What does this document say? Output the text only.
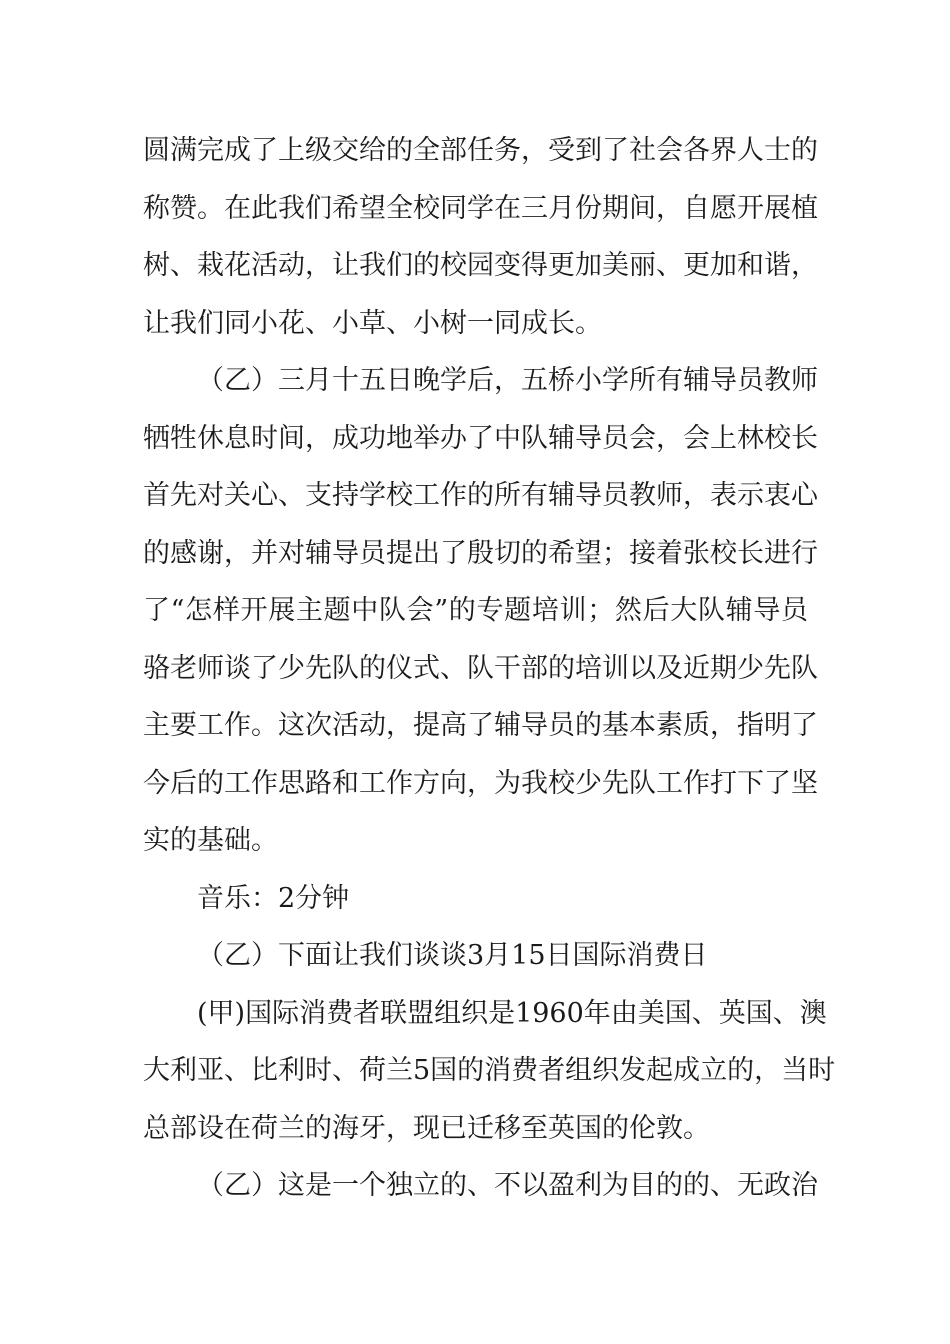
圆满完成了上级交给的全部任务，受到了社会各界人士的
称赞。在此我们希望全校同学在三月份期间，自愿开展植
树、栽花活动，让我们的校园变得更加美丽、更加和谐，
让我们同小花、小草、小树一同成长。
（乙）三月十五日晚学后，五桥小学所有辅导员教师
牺牲休息时间，成功地举办了中队辅导员会，会上林校长
首先对关心、支持学校工作的所有辅导员教师，表示衷心
的感谢，并对辅导员提出了殷切的希望；接着张校长进行
了“怎样开展主题中队会”的专题培训；然后大队辅导员
骆老师谈了少先队的仪式、队干部的培训以及近期少先队
主要工作。这次活动，提高了辅导员的基本素质，指明了
今后的工作思路和工作方向，为我校少先队工作打下了坚
实的基础。
音乐：2分钟
（乙）下面让我们谈谈3月15日国际消费日
(甲)国际消费者联盟组织是1960年由美国、英国、澳
大利亚、比利时、荷兰5国的消费者组织发起成立的，当时
总部设在荷兰的海牙，现已迁移至英国的伦敦。
（乙）这是一个独立的、不以盈利为目的的、无政治
